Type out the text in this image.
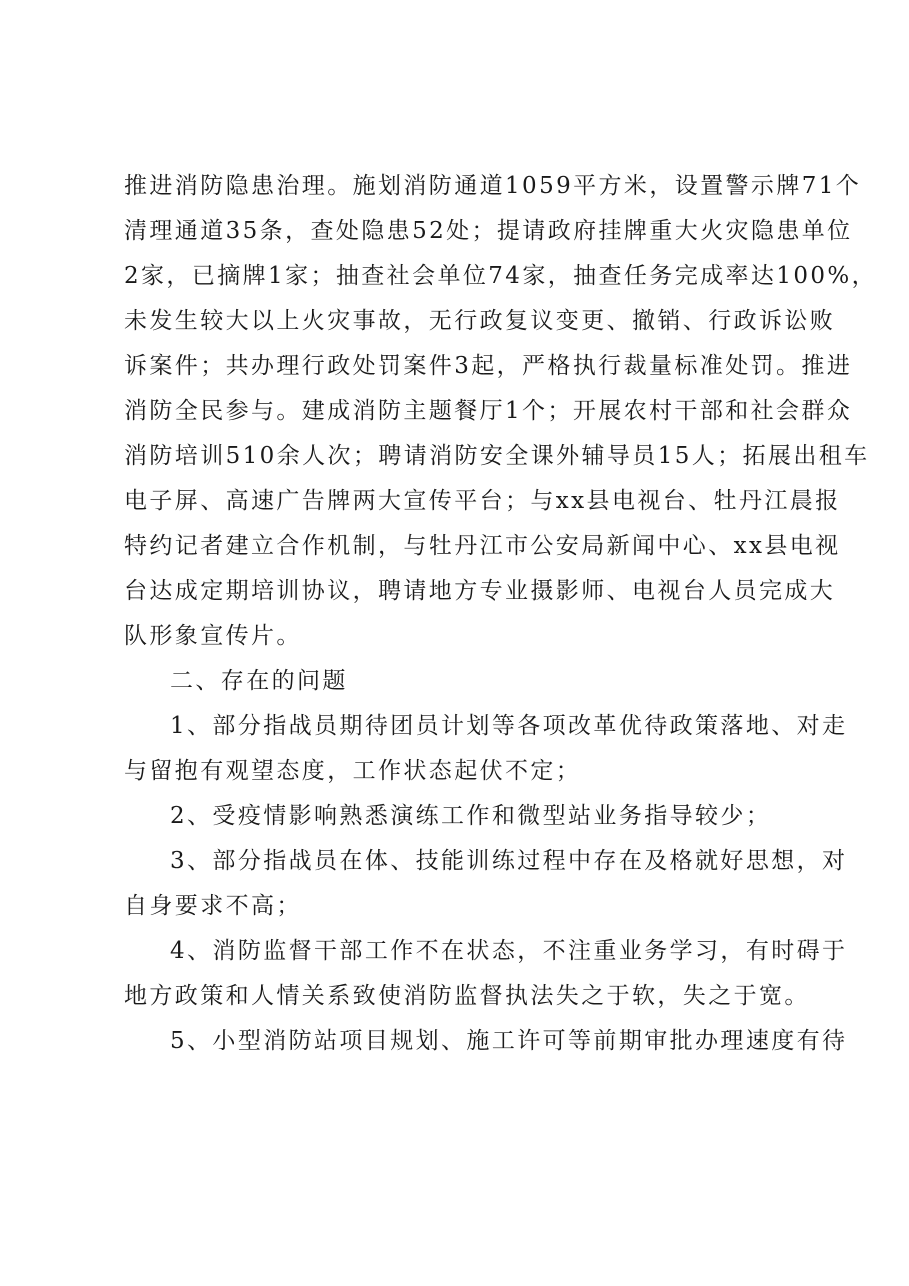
推进消防隐患治理。施划消防通道1059平方米，设置警示牌71个
清理通道35条，查处隐患52处；提请政府挂牌重大火灾隐患单位
2家，已摘牌1家；抽查社会单位74家，抽查任务完成率达100%，
未发生较大以上火灾事故，无行政复议变更、撤销、行政诉讼败
诉案件；共办理行政处罚案件3起，严格执行裁量标准处罚。推进
消防全民参与。建成消防主题餐厅1个；开展农村干部和社会群众
消防培训510余人次；聘请消防安全课外辅导员15人；拓展出租车
电子屏、高速广告牌两大宣传平台；与xx县电视台、牡丹江晨报
特约记者建立合作机制，与牡丹江市公安局新闻中心、xx县电视
台达成定期培训协议，聘请地方专业摄影师、电视台人员完成大
队形象宣传片。
二、存在的问题
1、部分指战员期待团员计划等各项改革优待政策落地、对走
与留抱有观望态度，工作状态起伏不定；
2、受疫情影响熟悉演练工作和微型站业务指导较少；
3、部分指战员在体、技能训练过程中存在及格就好思想，对
自身要求不高；
4、消防监督干部工作不在状态，不注重业务学习，有时碍于
地方政策和人情关系致使消防监督执法失之于软，失之于宽。
5、小型消防站项目规划、施工许可等前期审批办理速度有待
